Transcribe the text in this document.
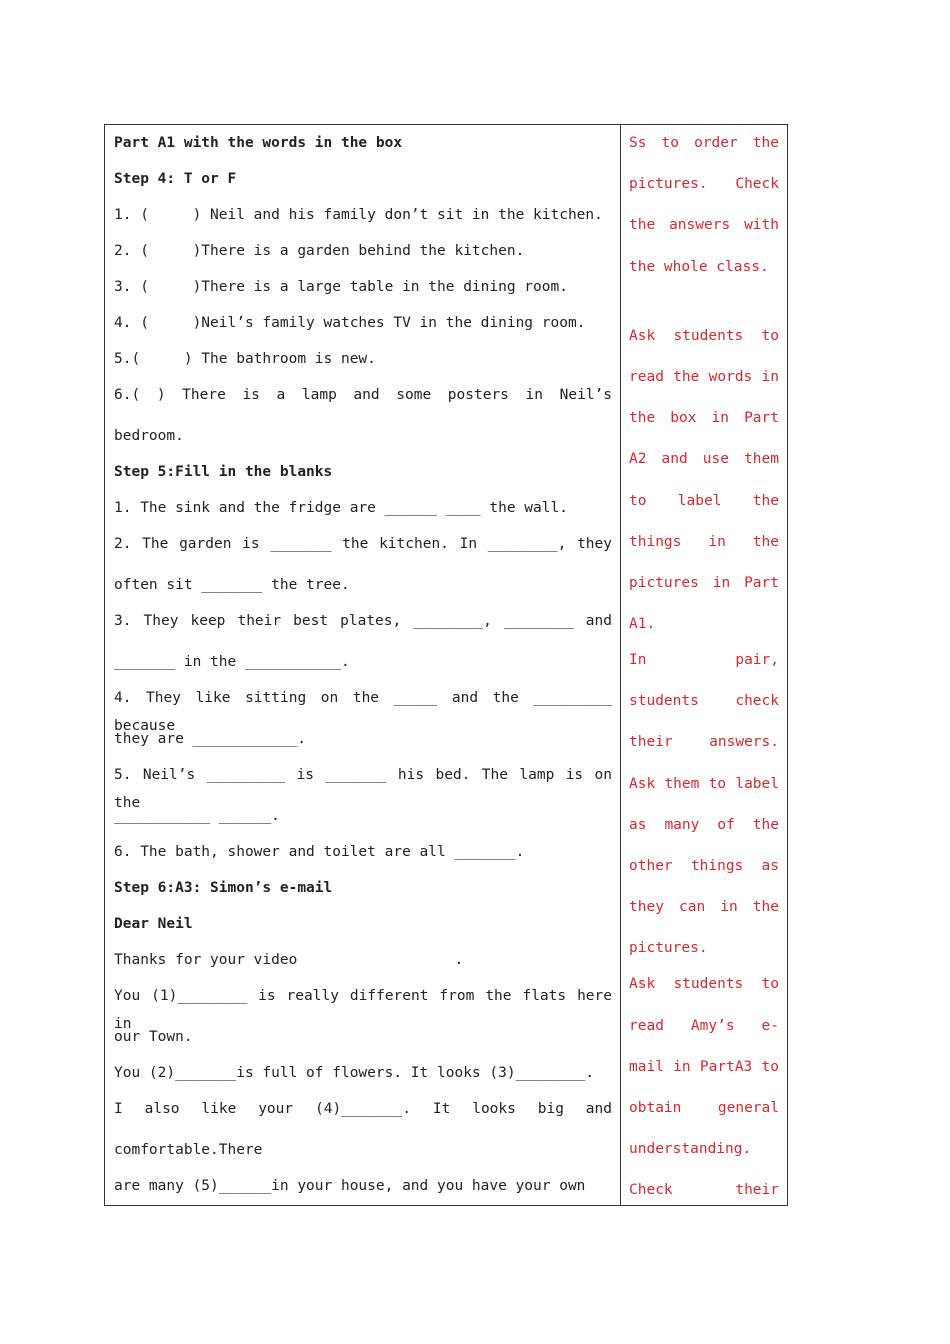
Part A1 with the words in the box
Step 4: T or F
1. (     ) Neil and his family don’t sit in the kitchen.
2. (     )There is a garden behind the kitchen.
3. (     )There is a large table in the dining room.
4. (     )Neil’s family watches TV in the dining room.
5.(     ) The bathroom is new.
6.( ) There is a lamp and some posters in Neil’s
bedroom.
Step 5:Fill in the blanks
1. The sink and the fridge are ______ ____ the wall.
2. The garden is _______ the kitchen. In ________, they
often sit _______ the tree.
3. They keep their best plates, ________, ________ and
_______ in the ___________.
4. They like sitting on the _____ and the _________ because
they are ____________.
5. Neil’s _________ is _______ his bed. The lamp is on the
___________ ______.
6. The bath, shower and toilet are all _______.
Step 6:A3: Simon’s e-mail
Dear Neil
Thanks for your video                  .
You (1)________ is really different from the flats here in
our Town.
You (2)_______is full of flowers. It looks (3)________.
I also like your (4)_______. It looks big and
comfortable.There
are many (5)______in your house, and you have your own
Ss to order the
pictures. Check
the answers with
the whole class.
Ask students to
read the words in
the box in Part
A2 and use them
to label the
things in the
pictures in Part
A1.
In pair,
students check
their answers.
Ask them to label
as many of the
other things as
they can in the
pictures.
Ask students to
read Amy’s e-
mail in PartA3 to
obtain general
understanding.
Check their
